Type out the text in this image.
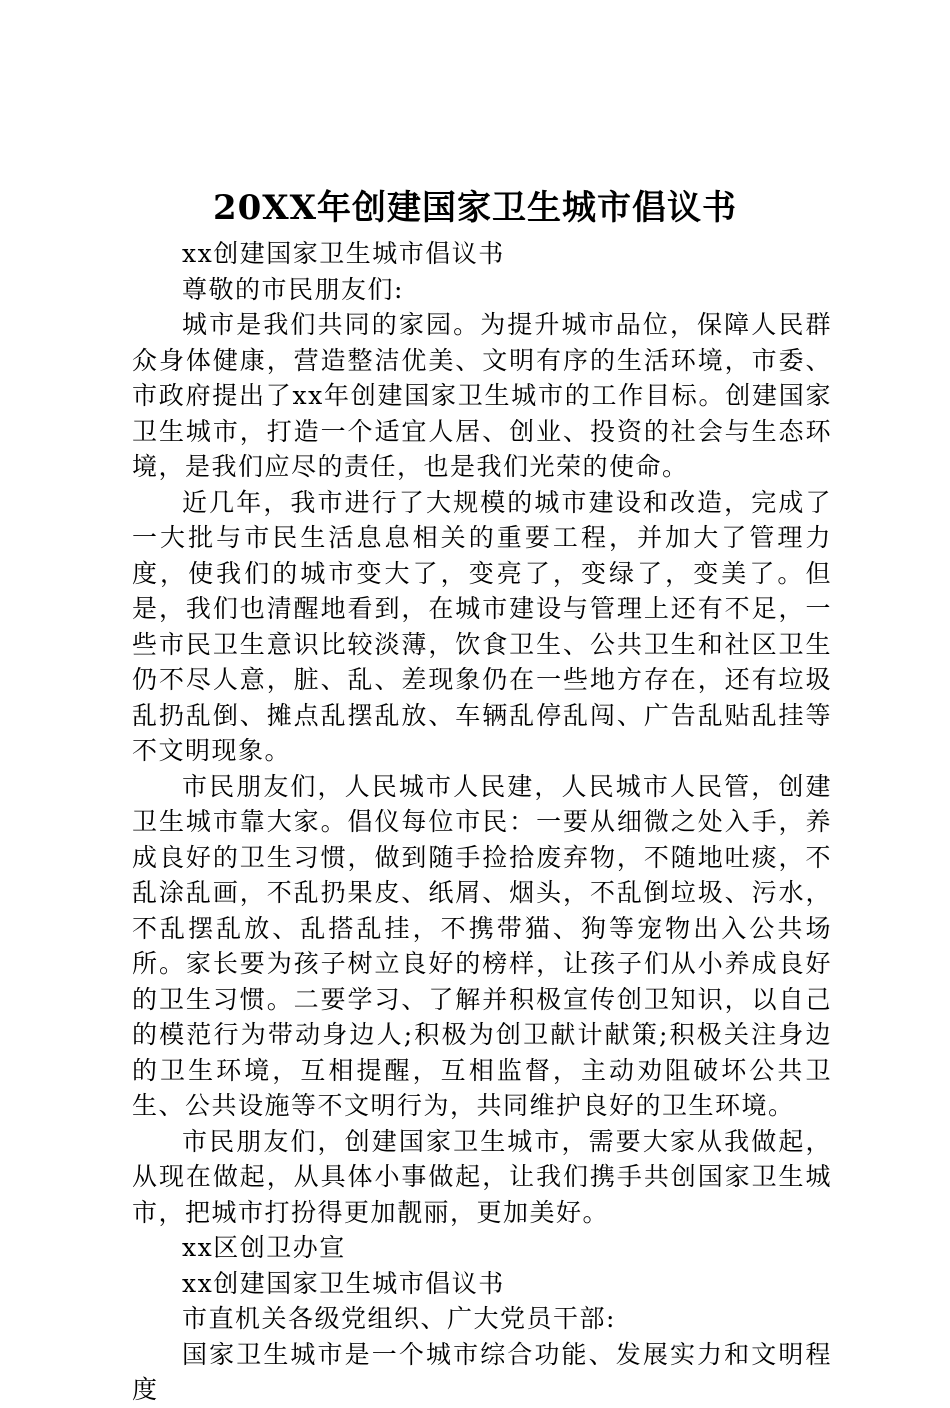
20XX年创建国家卫生城市倡议书

xx创建国家卫生城市倡议书

尊敬的市民朋友们:

城市是我们共同的家园。为提升城市品位，保障人民群众身体健康，营造整洁优美、文明有序的生活环境，市委、市政府提出了xx年创建国家卫生城市的工作目标。创建国家卫生城市，打造一个适宜人居、创业、投资的社会与生态环境，是我们应尽的责任，也是我们光荣的使命。

近几年，我市进行了大规模的城市建设和改造，完成了一大批与市民生活息息相关的重要工程，并加大了管理力度，使我们的城市变大了，变亮了，变绿了，变美了。但是，我们也清醒地看到，在城市建设与管理上还有不足，一些市民卫生意识比较淡薄，饮食卫生、公共卫生和社区卫生仍不尽人意，脏、乱、差现象仍在一些地方存在，还有垃圾乱扔乱倒、摊点乱摆乱放、车辆乱停乱闯、广告乱贴乱挂等不文明现象。

市民朋友们，人民城市人民建，人民城市人民管，创建卫生城市靠大家。倡仪每位市民：一要从细微之处入手，养成良好的卫生习惯，做到随手捡拾废弃物，不随地吐痰，不乱涂乱画，不乱扔果皮、纸屑、烟头，不乱倒垃圾、污水，不乱摆乱放、乱搭乱挂，不携带猫、狗等宠物出入公共场所。家长要为孩子树立良好的榜样，让孩子们从小养成良好的卫生习惯。二要学习、了解并积极宣传创卫知识，以自己的模范行为带动身边人;积极为创卫献计献策;积极关注身边的卫生环境，互相提醒，互相监督，主动劝阻破坏公共卫生、公共设施等不文明行为，共同维护良好的卫生环境。

市民朋友们，创建国家卫生城市，需要大家从我做起，从现在做起，从具体小事做起，让我们携手共创国家卫生城市，把城市打扮得更加靓丽，更加美好。

xx区创卫办宣

xx创建国家卫生城市倡议书

市直机关各级党组织、广大党员干部:

国家卫生城市是一个城市综合功能、发展实力和文明程度
